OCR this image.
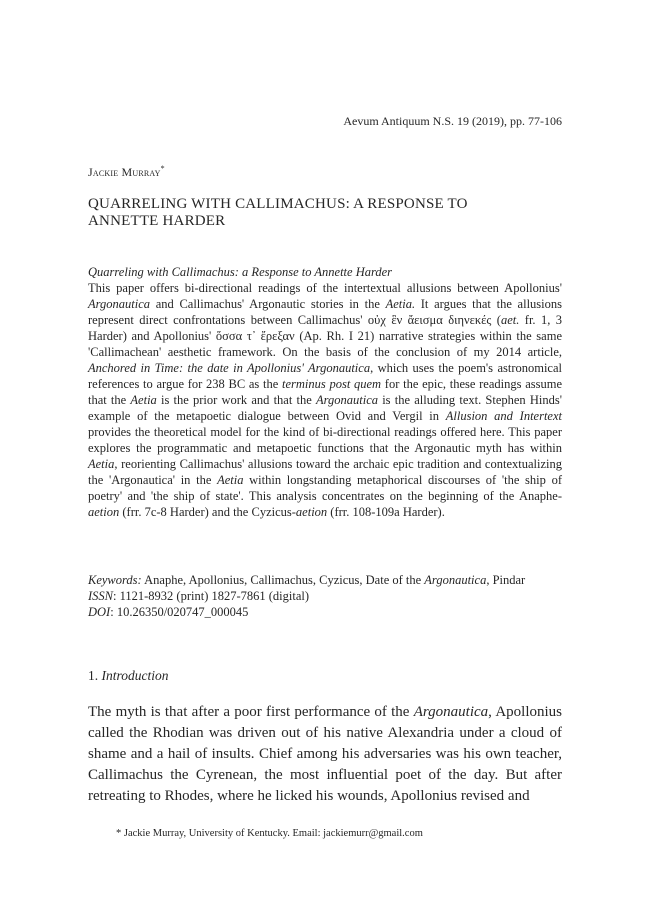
Aevum Antiquum N.S. 19 (2019), pp. 77-106
Jackie Murray*
QUARRELING WITH CALLIMACHUS: A RESPONSE TO
ANNETTE HARDER
Quarreling with Callimachus: a Response to Annette Harder

This paper offers bi-directional readings of the intertextual allusions between Apollonius' Argonautica and Callimachus' Argonautic stories in the Aetia. It argues that the allusions represent direct confrontations between Callimachus' οὐχ ἓν ἄεισμα διηνεκές (aet. fr. 1, 3 Harder) and Apollonius' ὅσσα τ᾽ ἔρεξαν (Ap. Rh. I 21) narrative strategies within the same 'Callimachean' aesthetic framework. On the basis of the conclusion of my 2014 article, Anchored in Time: the date in Apollonius' Argonautica, which uses the poem's astronomical references to argue for 238 BC as the terminus post quem for the epic, these readings assume that the Aetia is the prior work and that the Argonautica is the alluding text. Stephen Hinds' example of the metapoetic dialogue between Ovid and Vergil in Allusion and Intertext provides the theoretical model for the kind of bi-directional readings offered here. This paper explores the programmatic and metapoetic functions that the Argonautic myth has within Aetia, reorienting Callimachus' allusions toward the archaic epic tradition and contextualizing the 'Argonautica' in the Aetia within longstanding metaphorical discourses of 'the ship of poetry' and 'the ship of state'. This analysis concentrates on the beginning of the Anaphe-aetion (frr. 7c-8 Harder) and the Cyzicus-aetion (frr. 108-109a Harder).

Keywords: Anaphe, Apollonius, Callimachus, Cyzicus, Date of the Argonautica, Pindar

ISSN: 1121-8932 (print) 1827-7861 (digital)

DOI: 10.26350/020747_000045

1. Introduction

The myth is that after a poor first performance of the Argonautica, Apollonius called the Rhodian was driven out of his native Alexandria under a cloud of shame and a hail of insults. Chief among his adversaries was his own teacher, Callimachus the Cyrenean, the most influential poet of the day. But after retreating to Rhodes, where he licked his wounds, Apollonius revised and

* Jackie Murray, University of Kentucky. Email: jackiemurr@gmail.com
